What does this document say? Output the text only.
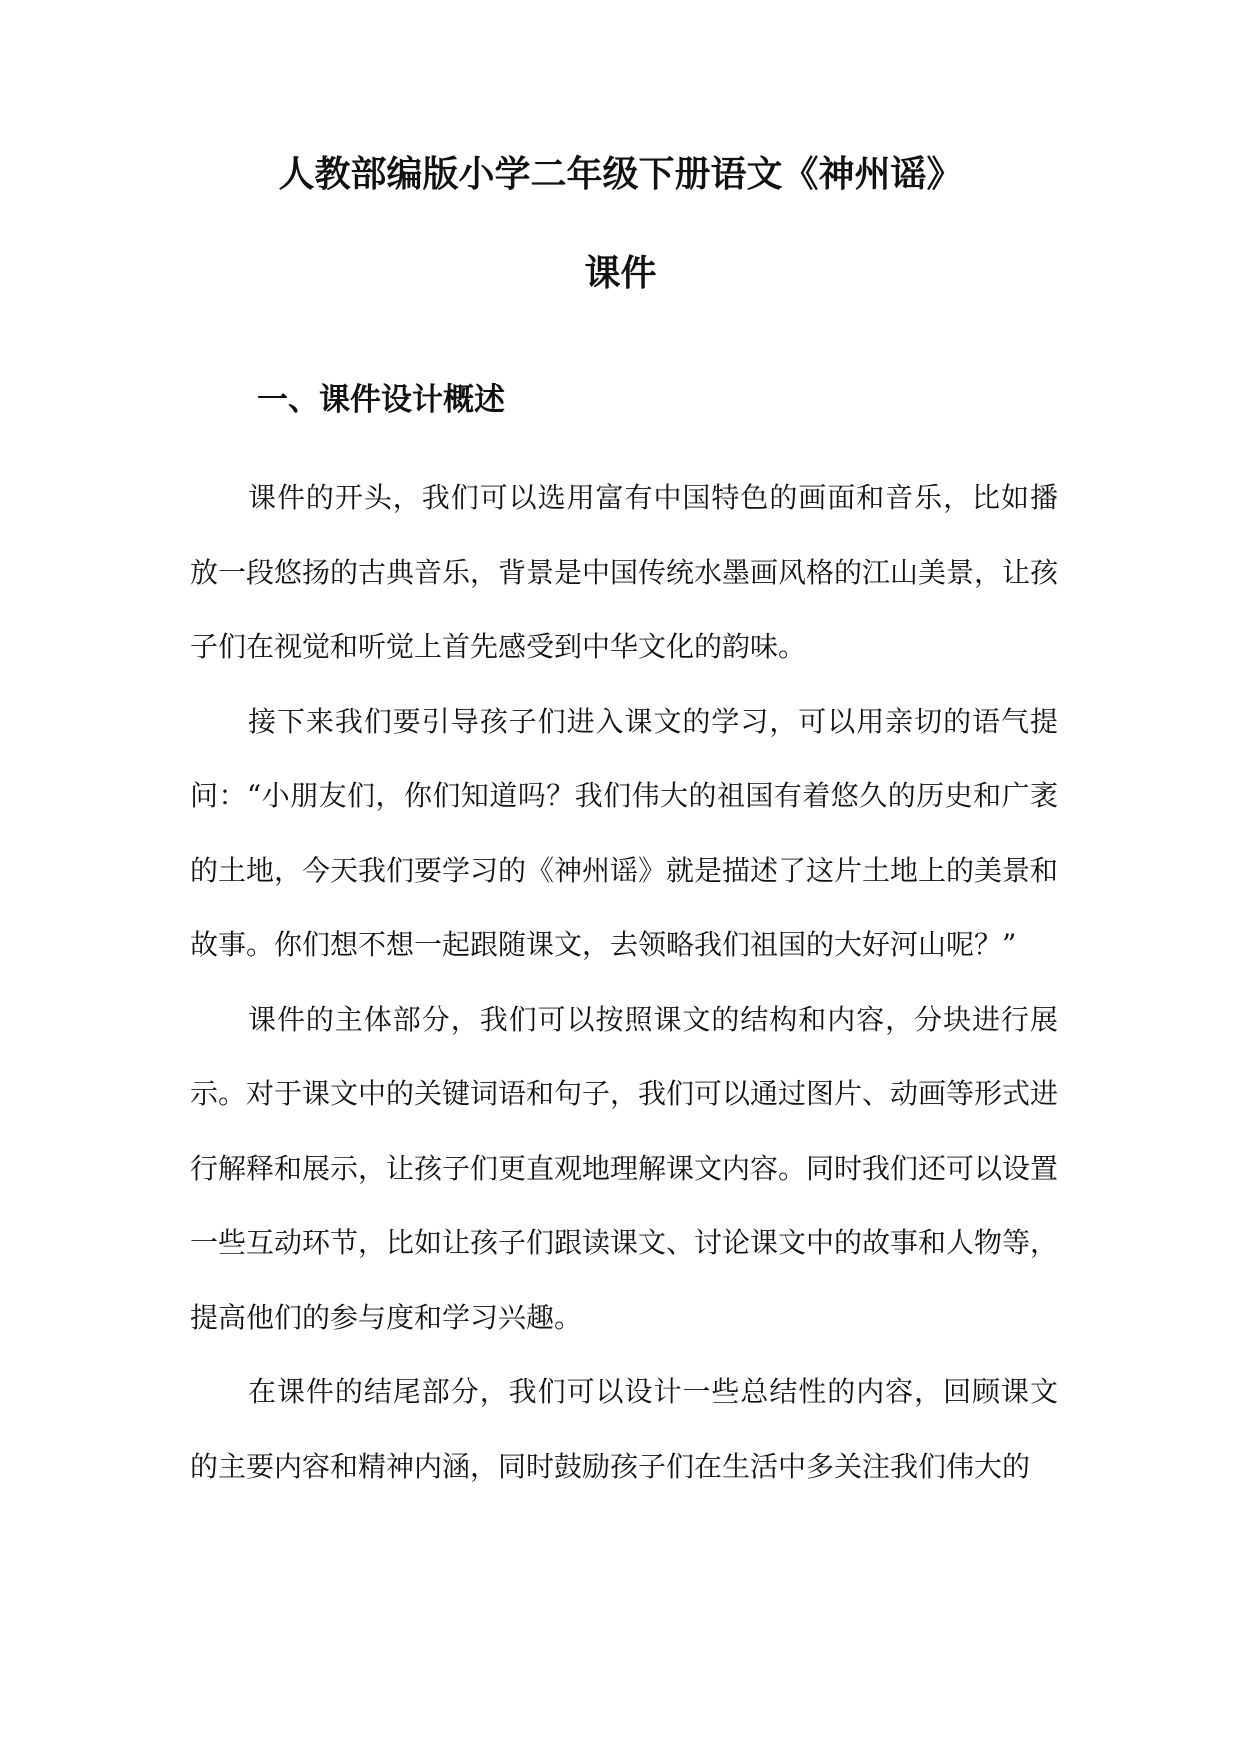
人教部编版小学二年级下册语文《神州谣》
课件
一、课件设计概述

课件的开头，我们可以选用富有中国特色的画面和音乐，比如播放一段悠扬的古典音乐，背景是中国传统水墨画风格的江山美景，让孩子们在视觉和听觉上首先感受到中华文化的韵味。

接下来我们要引导孩子们进入课文的学习，可以用亲切的语气提问：“小朋友们，你们知道吗？我们伟大的祖国有着悠久的历史和广袤的土地，今天我们要学习的《神州谣》就是描述了这片土地上的美景和故事。你们想不想一起跟随课文，去领略我们祖国的大好河山呢？”

课件的主体部分，我们可以按照课文的结构和内容，分块进行展示。对于课文中的关键词语和句子，我们可以通过图片、动画等形式进行解释和展示，让孩子们更直观地理解课文内容。同时我们还可以设置一些互动环节，比如让孩子们跟读课文、讨论课文中的故事和人物等，提高他们的参与度和学习兴趣。

在课件的结尾部分，我们可以设计一些总结性的内容，回顾课文的主要内容和精神内涵，同时鼓励孩子们在生活中多关注我们伟大的
